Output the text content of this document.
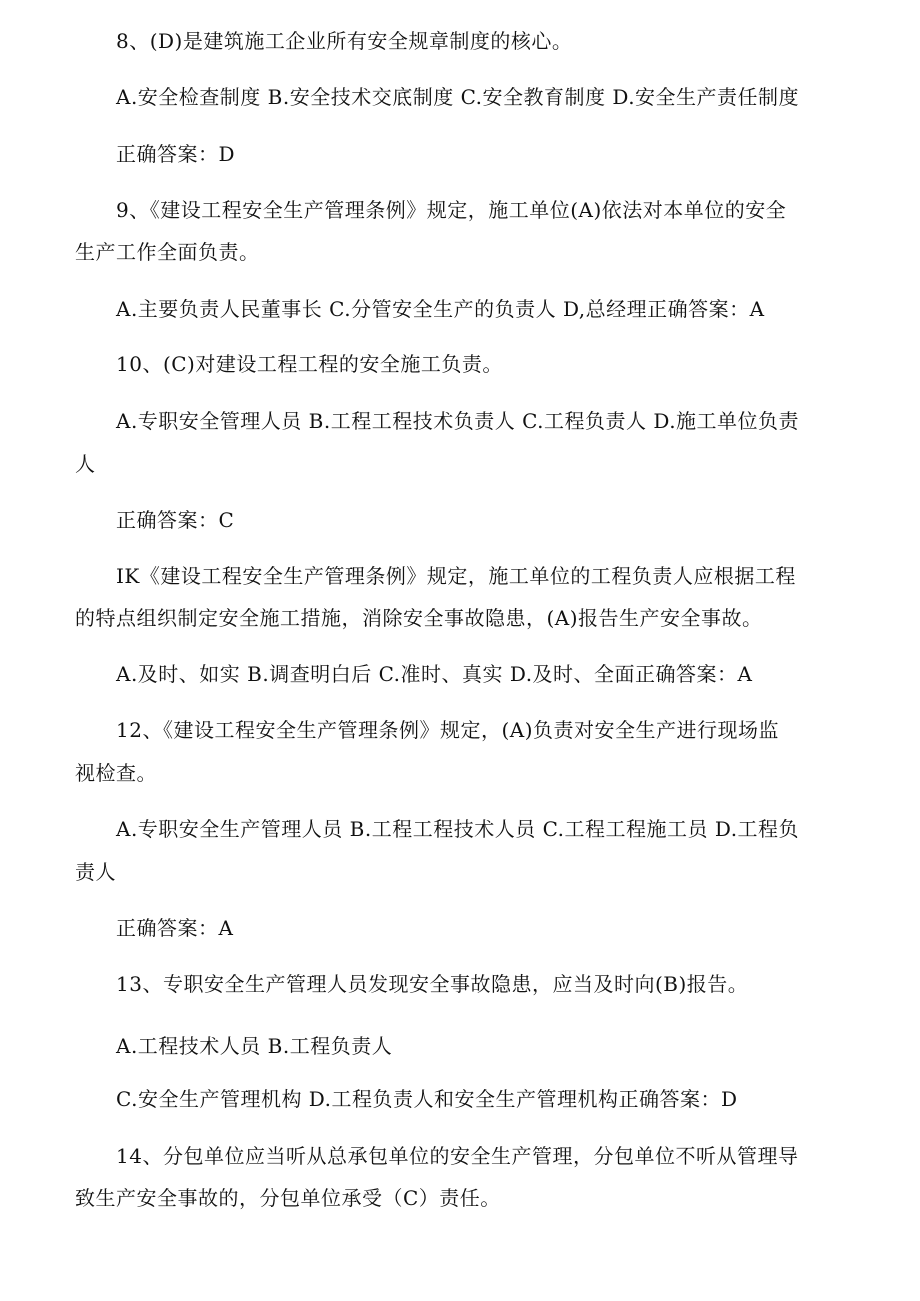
8、(D)是建筑施工企业所有安全规章制度的核心。
A.安全检查制度 B.安全技术交底制度 C.安全教育制度 D.安全生产责任制度
正确答案：D
9、《建设工程安全生产管理条例》规定，施工单位(A)依法对本单位的安全
生产工作全面负责。
A.主要负责人民董事长 C.分管安全生产的负责人 D,总经理正确答案：A
10、(C)对建设工程工程的安全施工负责。
A.专职安全管理人员 B.工程工程技术负责人 C.工程负责人 D.施工单位负责
人
正确答案：C
IK《建设工程安全生产管理条例》规定，施工单位的工程负责人应根据工程
的特点组织制定安全施工措施，消除安全事故隐患，(A)报告生产安全事故。
A.及时、如实 B.调查明白后 C.准时、真实 D.及时、全面正确答案：A
12、《建设工程安全生产管理条例》规定，(A)负责对安全生产进行现场监
视检查。
A.专职安全生产管理人员 B.工程工程技术人员 C.工程工程施工员 D.工程负
责人
正确答案：A
13、专职安全生产管理人员发现安全事故隐患，应当及时向(B)报告。
A.工程技术人员 B.工程负责人
C.安全生产管理机构 D.工程负责人和安全生产管理机构正确答案：D
14、分包单位应当听从总承包单位的安全生产管理，分包单位不听从管理导
致生产安全事故的，分包单位承受（C）责任。
